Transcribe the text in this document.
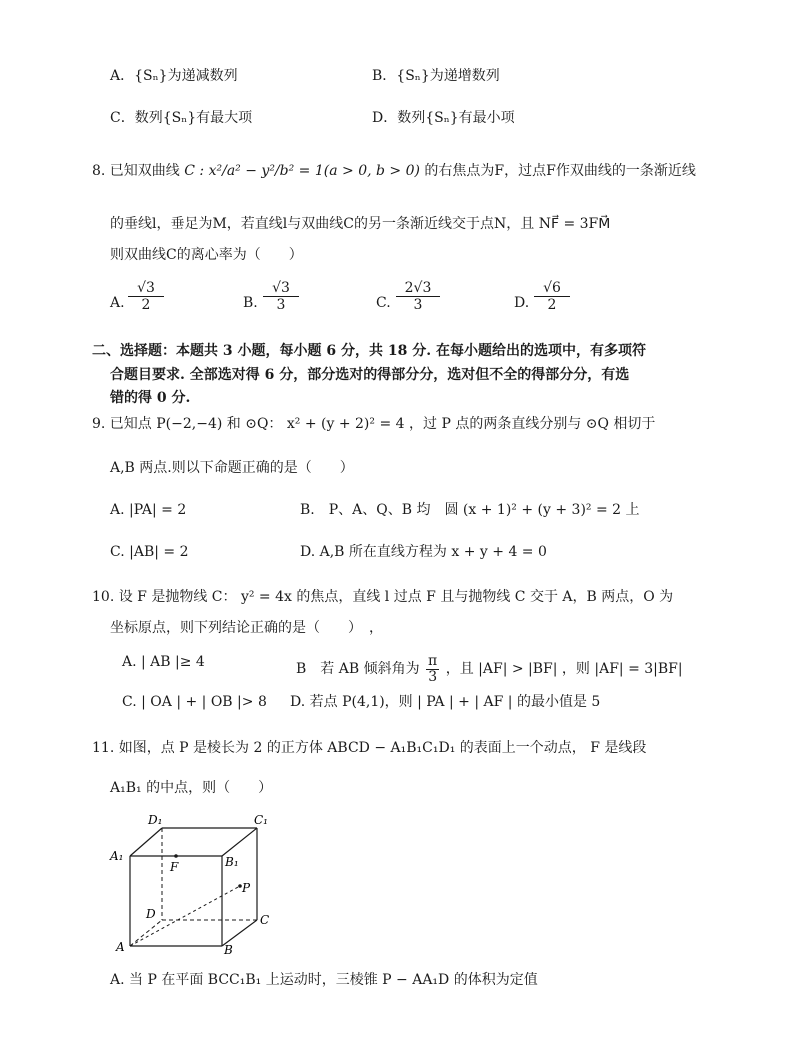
A．{Sₙ}为递减数列	B．{Sₙ}为递增数列
C．数列{Sₙ}有最大项	D．数列{Sₙ}有最小项
8. 已知双曲线 C : x²/a² − y²/b² = 1(a > 0, b > 0) 的右焦点为F，过点F作双曲线的一条渐近线
的垂线l，垂足为M，若直线l与双曲线C的另一条渐近线交于点N，且 NF⃗ = 3FM⃗
则双曲线C的离心率为（　　）
A. $\frac{√3}{2}$	B. $\frac{√3}{3}$	C. $\frac{2√3}{3}$	D. $\frac{√6}{2}$
二、选择题：本题共 3 小题，每小题 6 分，共 18 分. 在每小题给出的选项中，有多项符
合题目要求. 全部选对得 6 分，部分选对的得部分分，选对但不全的得部分分，有选
错的得 0 分.
9. 已知点 P(−2,−4) 和 ⊙Q： x² + (y + 2)² = 4 ，过 P 点的两条直线分别与 ⊙Q 相切于
A,B 两点.则以下命题正确的是（　　）
A. |PA| = 2	B.　P、A、Q、B 均　圆 (x + 1)² + (y + 3)² = 2 上
C. |AB| = 2	D. A,B 所在直线方程为 x + y + 4 = 0
10. 设 F 是抛物线 C： y² = 4x 的焦点，直线 l 过点 F 且与抛物线 C 交于 A，B 两点，O 为
坐标原点，则下列结论正确的是（　　）　，
A. | AB |≥ 4	B　若 AB 倾斜角为 $\frac{\pi}{3}$ ，且 |AF| > |BF| ，则 |AF| = 3|BF|
C. | OA | + | OB |> 8 D. 若点 P(4,1)，则 | PA | + | AF | 的最小值是 5
11. 如图，点 P 是棱长为 2 的正方体 ABCD − A₁B₁C₁D₁ 的表面上一个动点， F 是线段
A₁B₁ 的中点，则（　　）
D₁	C₁
A₁	B₁
F
P
D	C
A	B
A. 当 P 在平面 BCC₁B₁ 上运动时，三棱锥 P − AA₁D 的体积为定值
